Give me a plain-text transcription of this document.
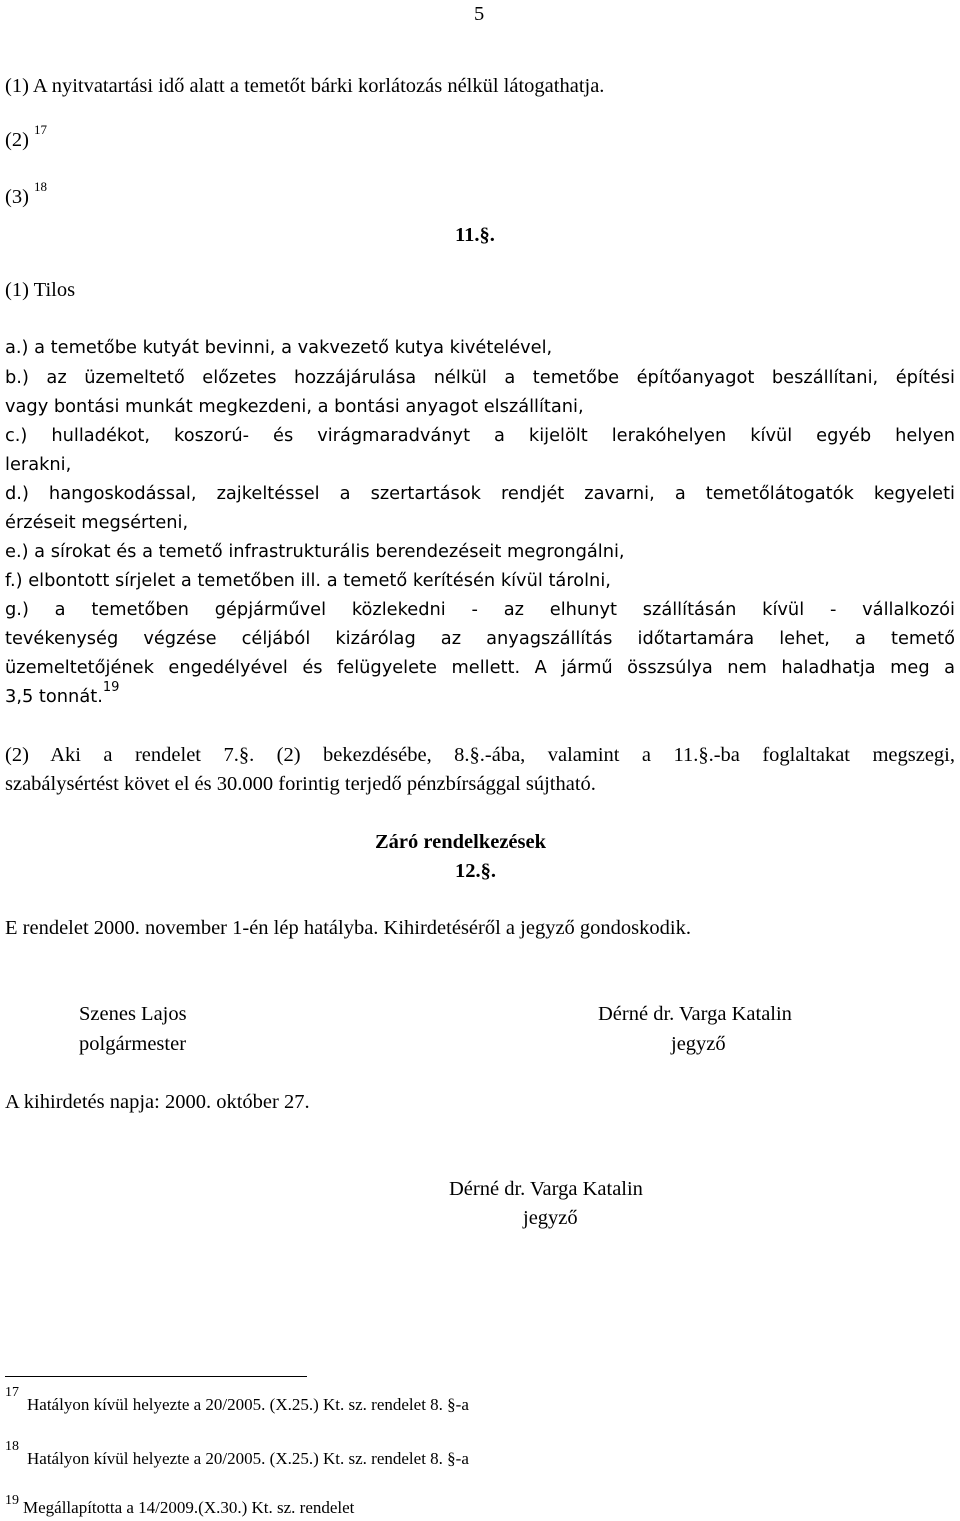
5
(1) A nyitvatartási idő alatt a temetőt bárki korlátozás nélkül látogathatja.
(2) $^{17}$
(3) $^{18}$
11.§.
(1) Tilos
a.) a temetőbe kutyát bevinni, a vakvezető kutya kivételével,
b.) az üzemeltető előzetes hozzájárulása nélkül a temetőbe építőanyagot beszállítani, építési
vagy bontási munkát megkezdeni, a bontási anyagot elszállítani,
c.) hulladékot, koszorú- és virágmaradványt a kijelölt lerakóhelyen kívül egyéb helyen
lerakni,
d.) hangoskodással, zajkeltéssel a szertartások rendjét zavarni, a temetőlátogatók kegyeleti
érzéseit megsérteni,
e.) a sírokat és a temető infrastrukturális berendezéseit megrongálni,
f.) elbontott sírjelet a temetőben ill. a temető kerítésén kívül tárolni,
g.) a temetőben gépjárművel közlekedni - az elhunyt szállításán kívül - vállalkozói
tevékenység végzése céljából kizárólag az anyagszállítás időtartamára lehet, a temető
üzemeltetőjének engedélyével és felügyelete mellett. A jármű összsúlya nem haladhatja meg a
3,5 tonnát.$^{19}$
(2) Aki a rendelet 7.§. (2) bekezdésébe, 8.§.-ába, valamint a 11.§.-ba foglaltakat megszegi,
szabálysértést követ el és 30.000 forintig terjedő pénzbírsággal sújtható.
Záró rendelkezések
12.§.
E rendelet 2000. november 1-én lép hatályba. Kihirdetéséről a jegyző gondoskodik.
Szenes Lajos
polgármester
Dérné dr. Varga Katalin
jegyző
A kihirdetés napja: 2000. október 27.
Dérné dr. Varga Katalin
jegyző
17
Hatályon kívül helyezte a 20/2005. (X.25.) Kt. sz. rendelet 8. §-a
18
Hatályon kívül helyezte a 20/2005. (X.25.) Kt. sz. rendelet 8. §-a
19 Megállapította a 14/2009.(X.30.) Kt. sz. rendelet
